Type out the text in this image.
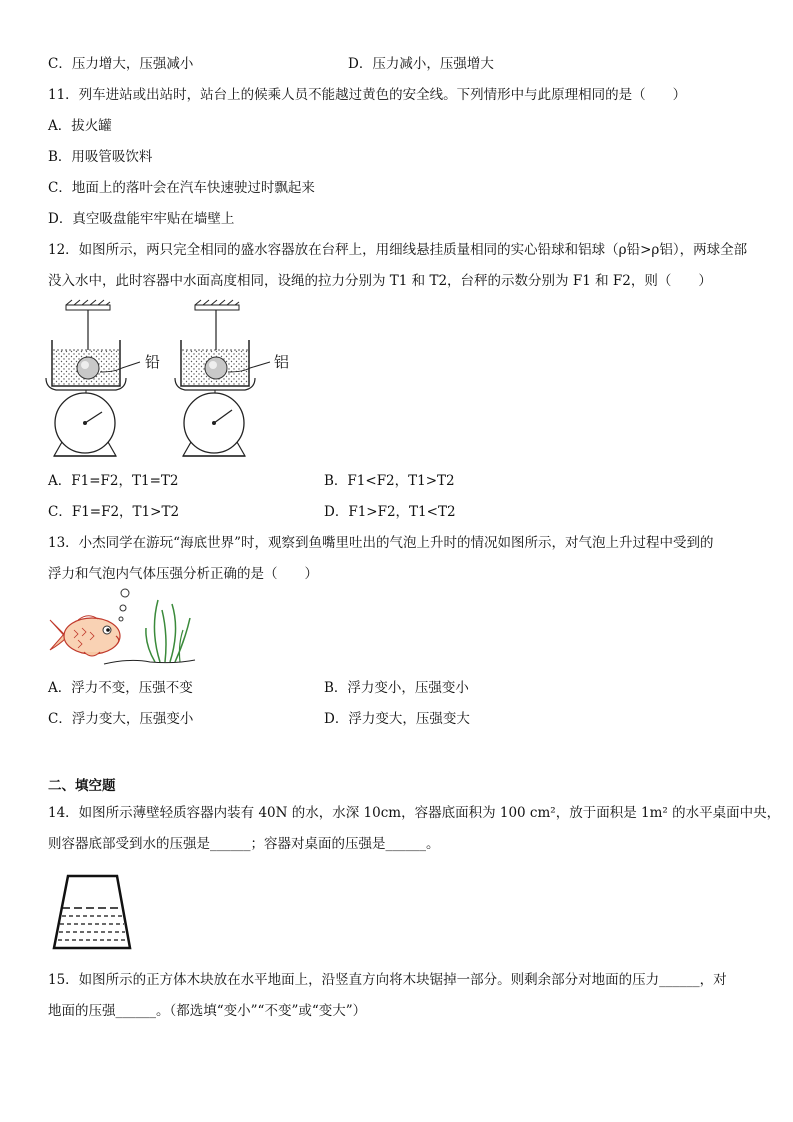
C．压力增大，压强减小	D．压力减小，压强增大
11．列车进站或出站时，站台上的候乘人员不能越过黄色的安全线。下列情形中与此原理相同的是（　　）
A．拔火罐
B．用吸管吸饮料
C．地面上的落叶会在汽车快速驶过时飘起来
D．真空吸盘能牢牢贴在墙壁上
12．如图所示，两只完全相同的盛水容器放在台秤上，用细线悬挂质量相同的实心铅球和铝球（ρ铅>ρ铝），两球全部
没入水中，此时容器中水面高度相同，设绳的拉力分别为 T1 和 T2，台秤的示数分别为 F1 和 F2，则（　　）
铅	铝
A．F1=F2，T1=T2	B．F1<F2，T1>T2
C．F1=F2，T1>T2	D．F1>F2，T1<T2
13．小杰同学在游玩“海底世界”时，观察到鱼嘴里吐出的气泡上升时的情况如图所示，对气泡上升过程中受到的
浮力和气泡内气体压强分析正确的是（　　）
A．浮力不变，压强不变	B．浮力变小，压强变小
C．浮力变大，压强变小	D．浮力变大，压强变大
二、填空题
14．如图所示薄壁轻质容器内装有 40N 的水，水深 10cm，容器底面积为 100 cm²，放于面积是 1m² 的水平桌面中央，
则容器底部受到水的压强是______；容器对桌面的压强是______。
15．如图所示的正方体木块放在水平地面上，沿竖直方向将木块锯掉一部分。则剩余部分对地面的压力______，对
地面的压强______。（都选填“变小”“不变”或“变大”）
